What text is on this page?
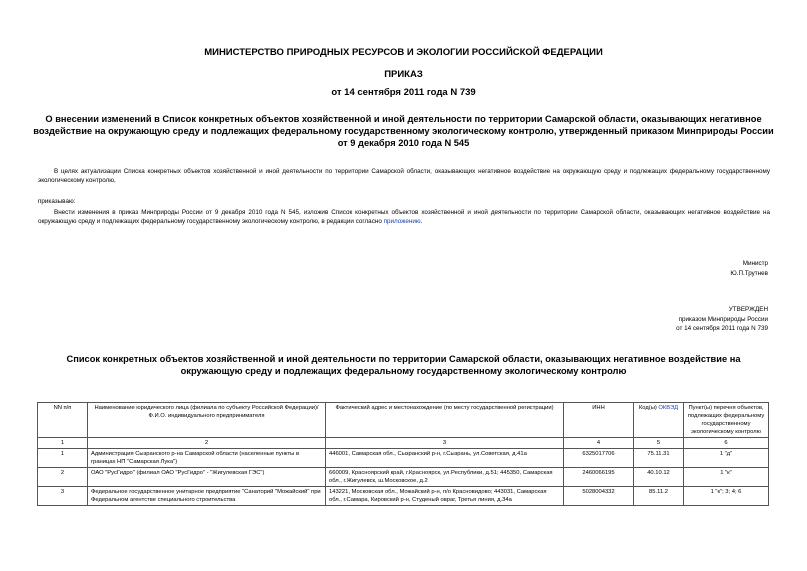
МИНИСТЕРСТВО ПРИРОДНЫХ РЕСУРСОВ И ЭКОЛОГИИ РОССИЙСКОЙ ФЕДЕРАЦИИ
ПРИКАЗ
от 14 сентября 2011 года N 739
О внесении изменений в Список конкретных объектов хозяйственной и иной деятельности по территории Самарской области, оказывающих негативное воздействие на окружающую среду и подлежащих федеральному государственному экологическому контролю, утвержденный приказом Минприроды России от 9 декабря 2010 года N 545
В целях актуализации Списка конкретных объектов хозяйственной и иной деятельности по территории Самарской области, оказывающих негативное воздействие на окружающую среду и подлежащих федеральному государственному экологическому контролю,
приказываю:
Внести изменения в приказ Минприроды России от 9 декабря 2010 года N 545, изложив Список конкретных объектов хозяйственной и иной деятельности по территории Самарской области, оказывающих негативное воздействие на окружающую среду и подлежащих федеральному государственному экологическому контролю, в редакции согласно приложению.
Министр
Ю.П.Трутнев
УТВЕРЖДЕН
приказом Минприроды России
от 14 сентября 2011 года N 739
Список конкретных объектов хозяйственной и иной деятельности по территории Самарской области, оказывающих негативное воздействие на окружающую среду и подлежащих федеральному государственному экологическому контролю
NN п/п	Наименование юридического лица (филиала по субъекту Российской Федерации)/Ф.И.О. индивидуального предпринимателя	Фактический адрес и местонахождение (по месту государственной регистрации)	ИНН	Код(ы) ОКВЭД	Пункт(ы) перечня объектов, подлежащих федеральному государственному экологическому контролю
1	2	3	4	5	6
1	Администрация Сызранского р-на Самарской области (населенные пункты в границах НП "Самарская Лука")	446001, Самарская обл., Сызранский р-н, г.Сызрань, ул.Советская, д.41а	6325017706	75.11.31	1 "д"
2	ОАО "РусГидро" (филиал ОАО "РусГидро" - "Жигулевская ГЭС")	660009, Красноярский край, г.Красноярск, ул.Республики, д.51; 445350, Самарская обл., г.Жигулевск, ш.Московское, д.2	2460066195	40.10.12	1 "к"
3	Федеральное государственное унитарное предприятие "Санаторий "Можайский" при Федеральном агентстве специального строительства	143221, Московская обл., Можайский р-н, п/о Красновидово; 443031, Самарская обл., г.Самара, Кировский р-н, Студеный овраг, Третья линия, д.34а	5028004332	85.11.2	1 "к"; 3; 4; 6
